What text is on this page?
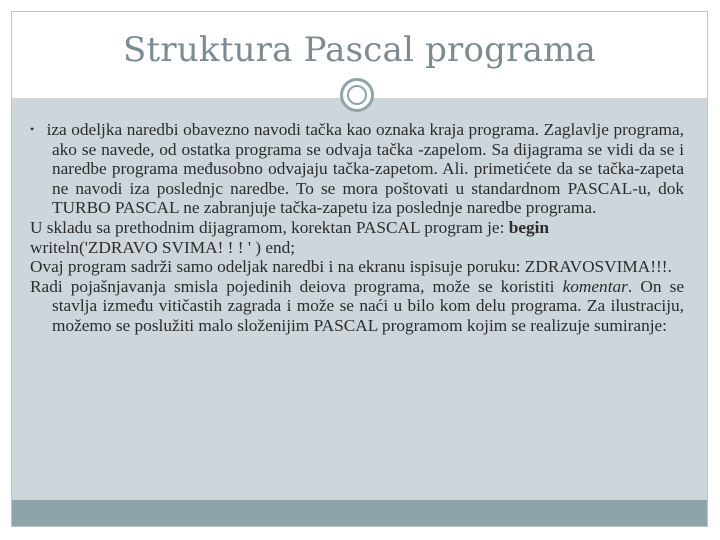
Struktura Pascal programa

• iza odeljka naredbi obavezno navodi tačka kao oznaka kraja programa. Zaglavlje programa, ako se navede, od ostatka programa se odvaja tačka -zapelom. Sa dijagrama se vidi da se i naredbe programa međusobno odvajaju tačka-zapetom. Ali. primetićete da se tačka-zapeta ne navodi iza poslednjc naredbe. To se mora poštovati u standardnom PASCAL-u, dok TURBO PASCAL ne zabranjuje tačka-zapetu iza poslednje naredbe programa.

U skladu sa prethodnim dijagramom, korektan PASCAL program je: begin

writeln('ZDRAVO SVIMA! ! ! ' ) end;

Ovaj program sadrži samo odeljak naredbi i na ekranu ispisuje poruku: ZDRAVOSVIMA!!!.

Radi pojašnjavanja smisla pojedinih deiova programa, može se koristiti komentar. On se stavlja između vitičastih zagrada i može se naći u bilo kom delu programa. Za ilustraciju, možemo se poslužiti malo složenijim PASCAL programom kojim se realizuje sumiranje:
